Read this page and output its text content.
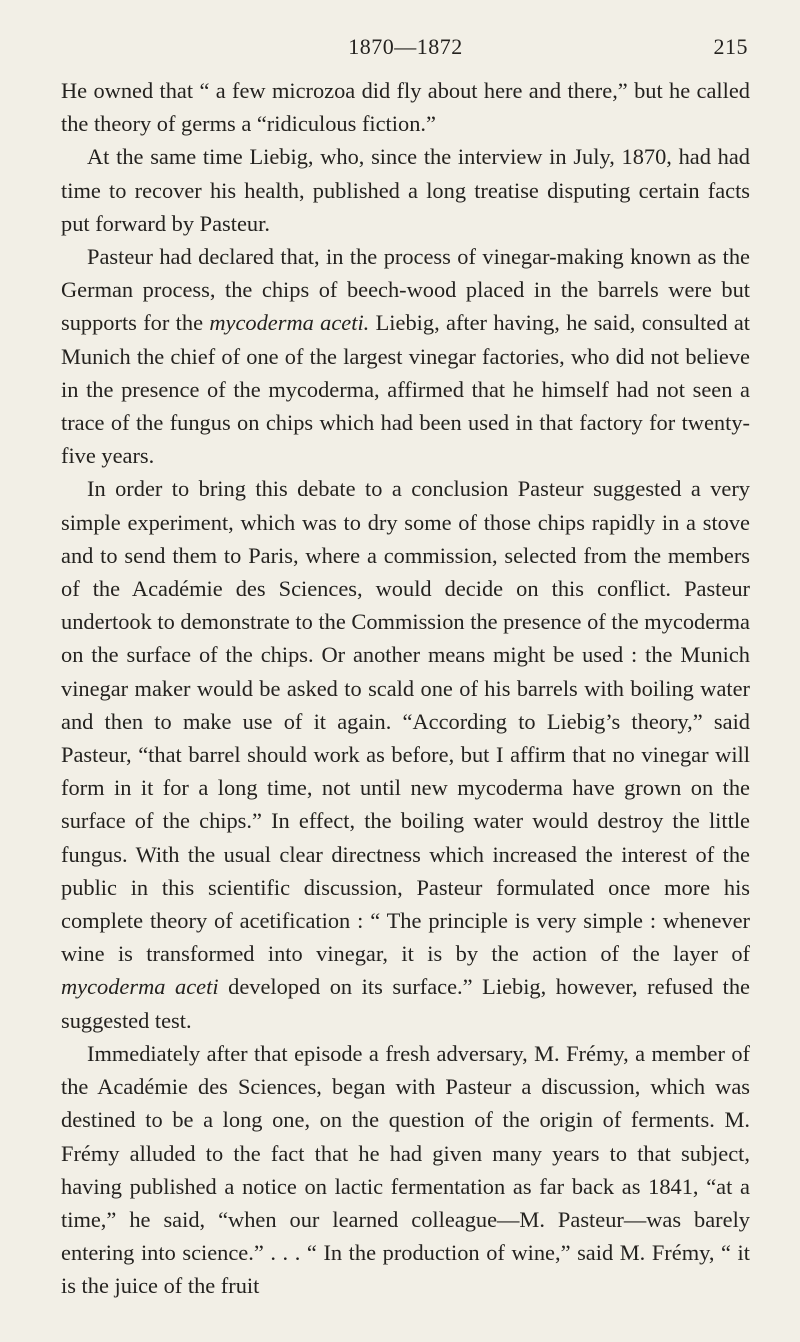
1870—1872	215

He owned that “ a few microzoa did fly about here and there,” but he called the theory of germs a “ridiculous fiction.”

At the same time Liebig, who, since the interview in July, 1870, had had time to recover his health, published a long treatise disputing certain facts put forward by Pasteur.

Pasteur had declared that, in the process of vinegar-making known as the German process, the chips of beech-wood placed in the barrels were but supports for the mycoderma aceti. Liebig, after having, he said, consulted at Munich the chief of one of the largest vinegar factories, who did not believe in the presence of the mycoderma, affirmed that he himself had not seen a trace of the fungus on chips which had been used in that factory for twenty-five years.

In order to bring this debate to a conclusion Pasteur suggested a very simple experiment, which was to dry some of those chips rapidly in a stove and to send them to Paris, where a commission, selected from the members of the Académie des Sciences, would decide on this conflict. Pasteur undertook to demonstrate to the Commission the presence of the mycoderma on the surface of the chips. Or another means might be used : the Munich vinegar maker would be asked to scald one of his barrels with boiling water and then to make use of it again. “According to Liebig’s theory,” said Pasteur, “that barrel should work as before, but I affirm that no vinegar will form in it for a long time, not until new mycoderma have grown on the surface of the chips.” In effect, the boiling water would destroy the little fungus. With the usual clear directness which increased the interest of the public in this scientific discussion, Pasteur formulated once more his complete theory of acetification : “ The principle is very simple : whenever wine is transformed into vinegar, it is by the action of the layer of mycoderma aceti developed on its surface.” Liebig, however, refused the suggested test.

Immediately after that episode a fresh adversary, M. Frémy, a member of the Académie des Sciences, began with Pasteur a discussion, which was destined to be a long one, on the question of the origin of ferments. M. Frémy alluded to the fact that he had given many years to that subject, having published a notice on lactic fermentation as far back as 1841, “at a time,” he said, “when our learned colleague—M. Pasteur—was barely entering into science.” . . . “ In the production of wine,” said M. Frémy, “ it is the juice of the fruit
